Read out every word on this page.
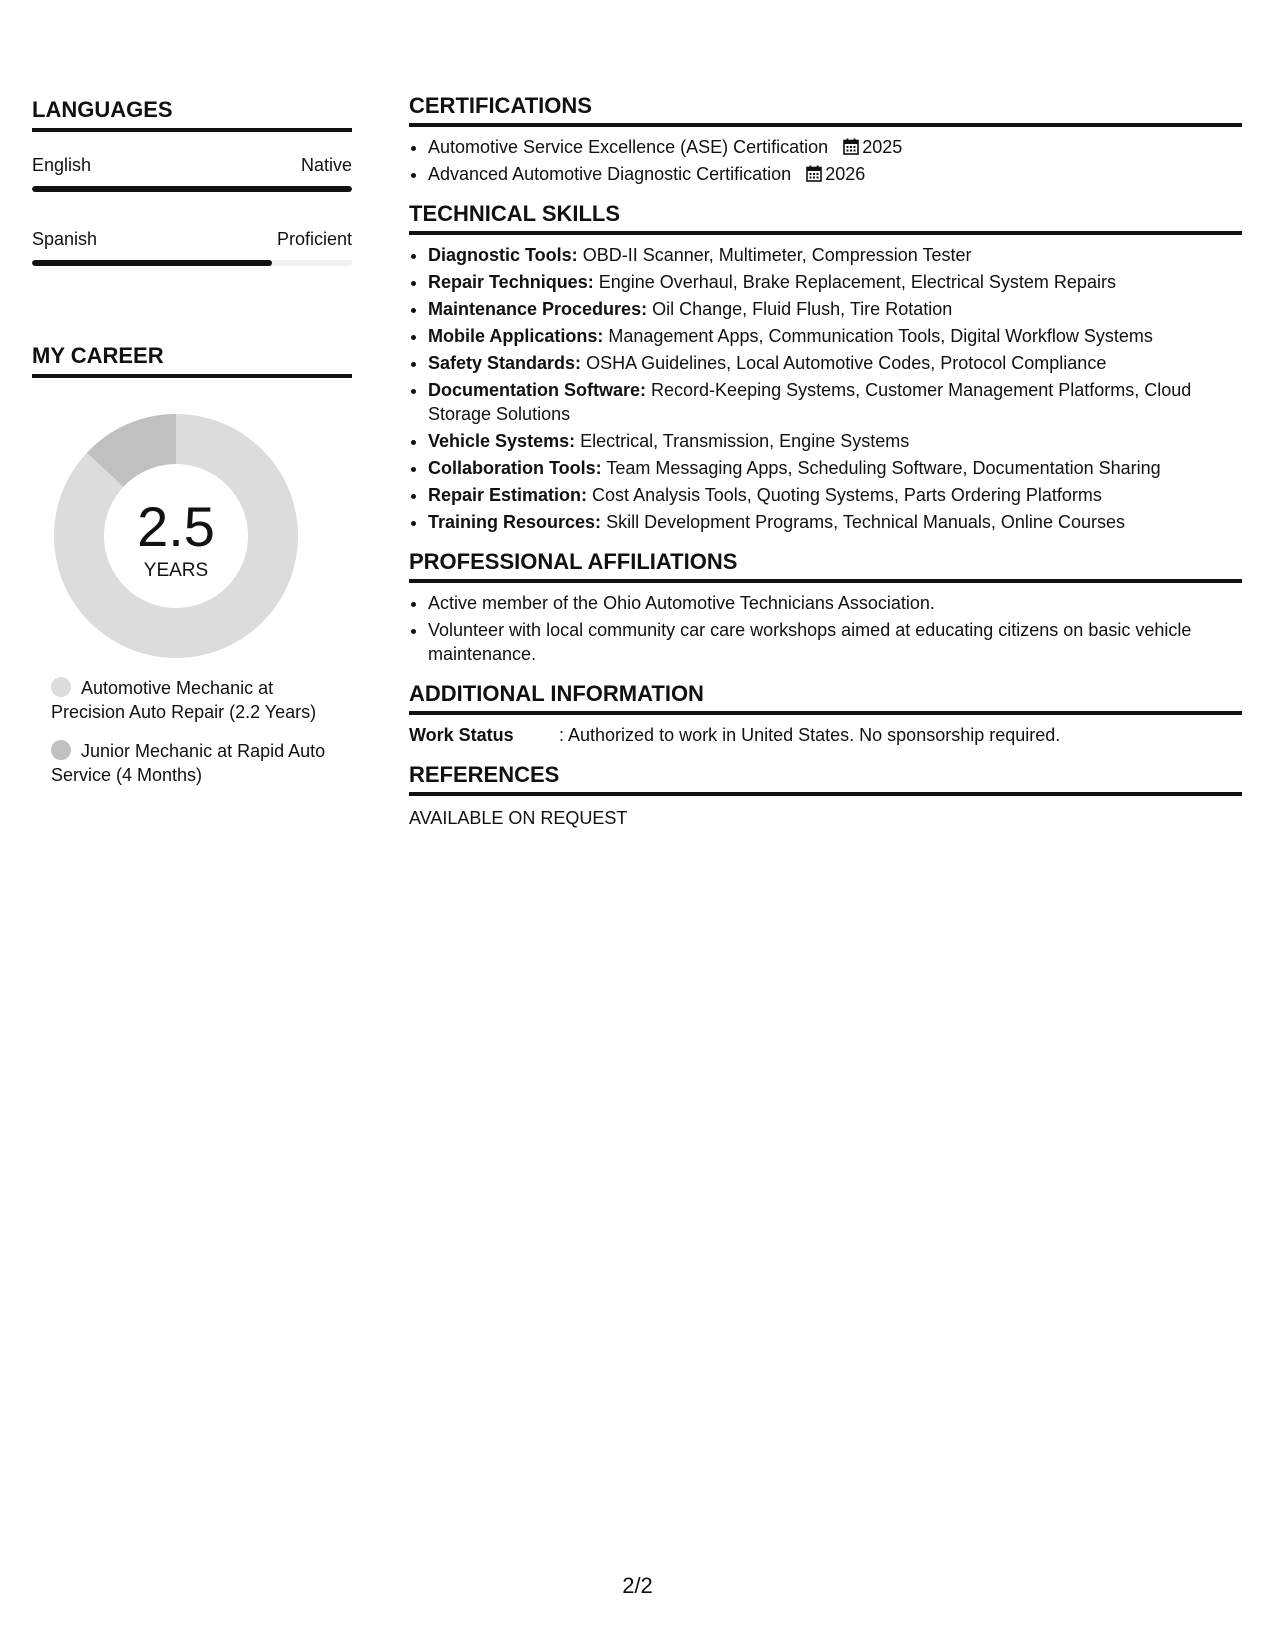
LANGUAGES
English	Native
Spanish	Proficient
MY CAREER
2.5
YEARS
Automotive Mechanic at Precision Auto Repair (2.2 Years)
Junior Mechanic at Rapid Auto Service (4 Months)
CERTIFICATIONS
• Automotive Service Excellence (ASE) Certification 2025
• Advanced Automotive Diagnostic Certification 2026
TECHNICAL SKILLS
• Diagnostic Tools: OBD-II Scanner, Multimeter, Compression Tester
• Repair Techniques: Engine Overhaul, Brake Replacement, Electrical System Repairs
• Maintenance Procedures: Oil Change, Fluid Flush, Tire Rotation
• Mobile Applications: Management Apps, Communication Tools, Digital Workflow Systems
• Safety Standards: OSHA Guidelines, Local Automotive Codes, Protocol Compliance
• Documentation Software: Record-Keeping Systems, Customer Management Platforms, Cloud Storage Solutions
• Vehicle Systems: Electrical, Transmission, Engine Systems
• Collaboration Tools: Team Messaging Apps, Scheduling Software, Documentation Sharing
• Repair Estimation: Cost Analysis Tools, Quoting Systems, Parts Ordering Platforms
• Training Resources: Skill Development Programs, Technical Manuals, Online Courses
PROFESSIONAL AFFILIATIONS
• Active member of the Ohio Automotive Technicians Association.
• Volunteer with local community car care workshops aimed at educating citizens on basic vehicle maintenance.
ADDITIONAL INFORMATION
Work Status	: Authorized to work in United States. No sponsorship required.
REFERENCES
AVAILABLE ON REQUEST
2/2
